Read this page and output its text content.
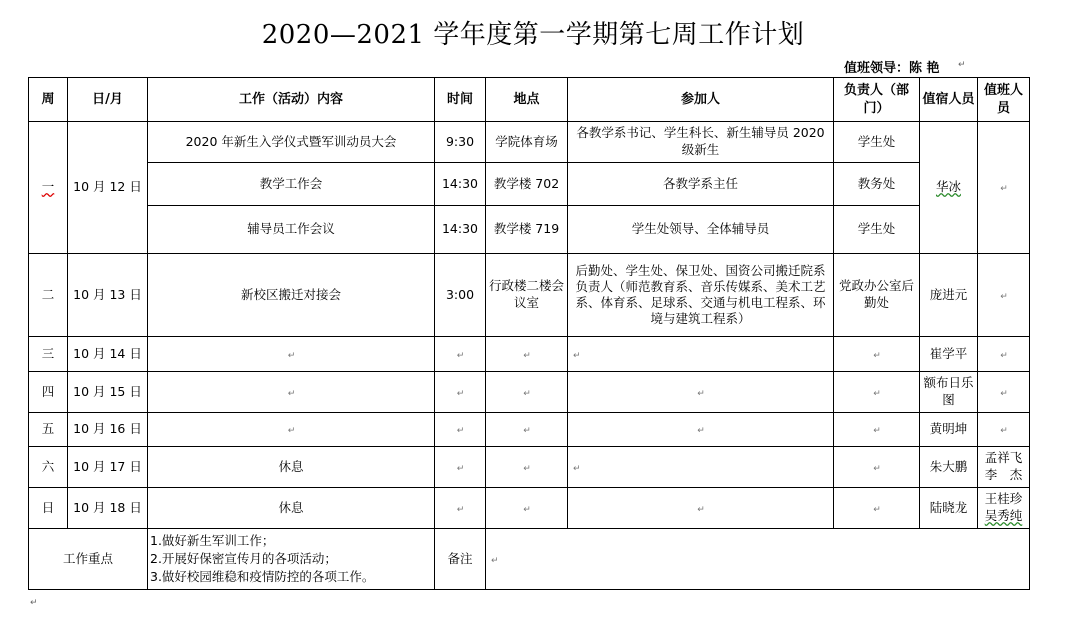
2020—2021 学年度第一学期第七周工作计划
值班领导：陈 艳 ↵
↵
周	日/月	工作（活动）内容	时间	地点	参加人	负责人（部门）	值宿人员	值班人员
一	10 月 12 日	2020 年新生入学仪式暨军训动员大会	9:30	学院体育场	各教学系书记、学生科长、新生辅导员 2020 级新生	学生处	华冰	↵
		教学工作会	14:30	教学楼 702	各教学系主任	教务处		
		辅导员工作会议	14:30	教学楼 719	学生处领导、全体辅导员	学生处		
二	10 月 13 日	新校区搬迁对接会	3:00	行政楼二楼会议室	后勤处、学生处、保卫处、国资公司搬迁院系负责人（师范教育系、音乐传媒系、美术工艺系、体育系、足球系、交通与机电工程系、环境与建筑工程系）	党政办公室后勤处	庞进元	↵
三	10 月 14 日	↵	↵	↵	↵	↵	崔学平	↵
四	10 月 15 日	↵	↵	↵	↵	↵	额布日乐图	↵
五	10 月 16 日	↵	↵	↵	↵	↵	黄明坤	↵
六	10 月 17 日	休息	↵	↵	↵	↵	朱大鹏	孟祥飞
李　杰

日	10 月 18 日	休息	↵	↵	↵	↵	陆晓龙	王桂珍
吴秀纯

工作重点		1.做好新生军训工作；
2.开展好保密宣传月的各项活动；
3.做好校园维稳和疫情防控的各项工作。	备注	↵				
